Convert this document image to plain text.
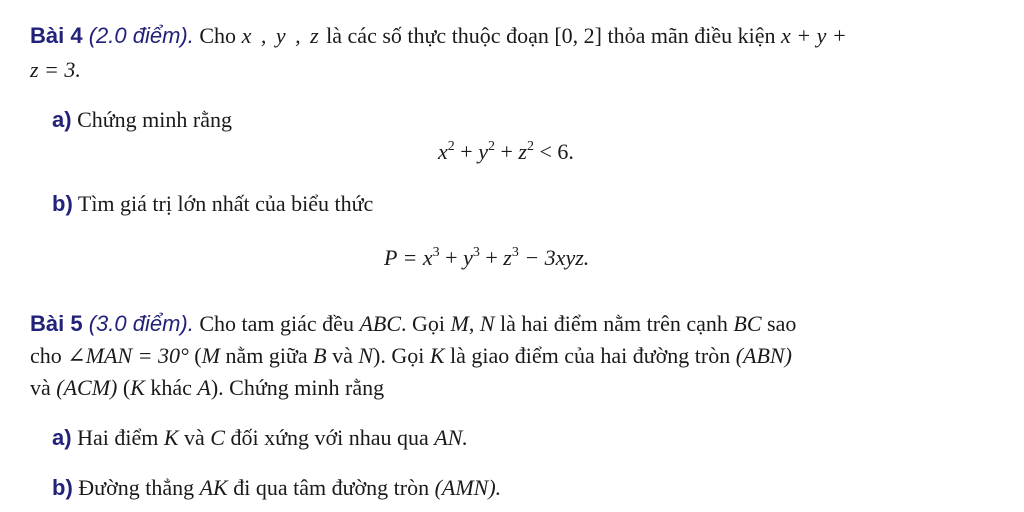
Bài 4 (2.0 điểm). Cho x , y , z là các số thực thuộc đoạn [0, 2] thỏa mãn điều kiện x + y +
z = 3.
a) Chứng minh rằng
$x^2 + y^2 + z^2 < 6$.
b) Tìm giá trị lớn nhất của biểu thức
$P = x^3 + y^3 + z^3 - 3xyz$.
Bài 5 (3.0 điểm). Cho tam giác đều ABC. Gọi M, N là hai điểm nằm trên cạnh BC sao
cho ∠MAN = 30° (M nằm giữa B và N). Gọi K là giao điểm của hai đường tròn (ABN)
và (ACM) (K khác A). Chứng minh rằng
a) Hai điểm K và C đối xứng với nhau qua AN.
b) Đường thẳng AK đi qua tâm đường tròn (AMN).
